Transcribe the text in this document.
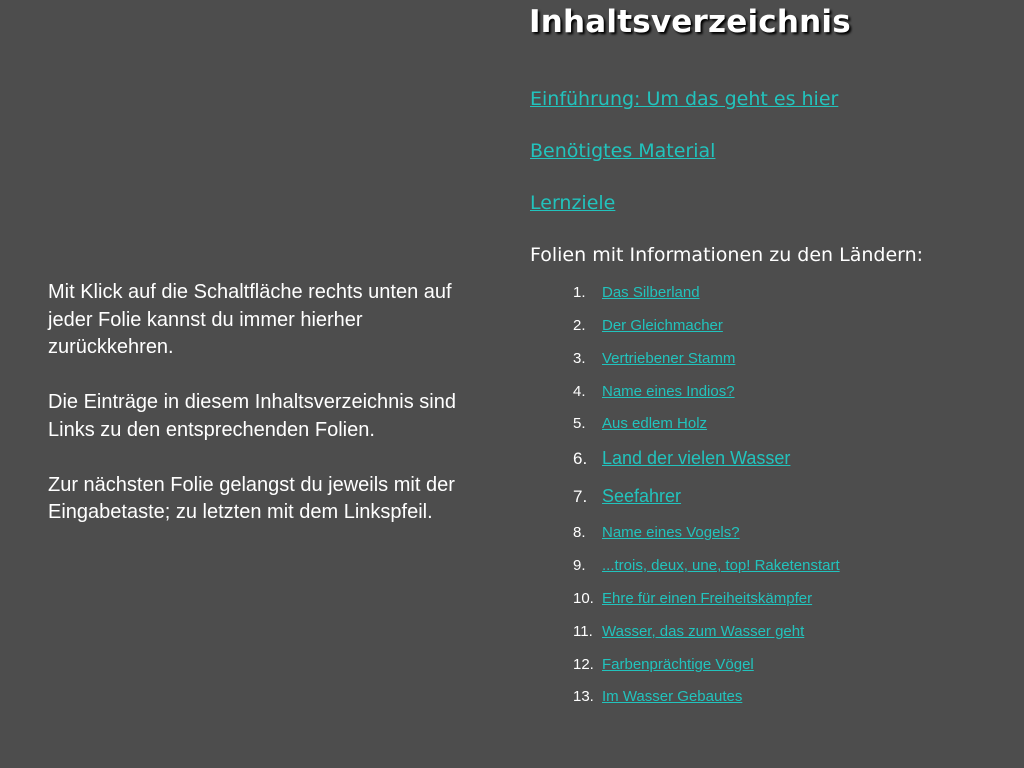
Inhaltsverzeichnis
Einführung: Um das geht es hier
Benötigtes Material
Lernziele
Folien mit Informationen zu den Ländern:
1. Das Silberland
2. Der Gleichmacher
3. Vertriebener Stamm
4. Name eines Indios?
5. Aus edlem Holz
6. Land der vielen Wasser
7. Seefahrer
8. Name eines Vogels?
9. ...trois, deux, une, top! Raketenstart
10. Ehre für einen Freiheitskämpfer
11. Wasser, das zum Wasser geht
12. Farbenprächtige Vögel
13. Im Wasser Gebautes

Mit Klick auf die Schaltfläche rechts unten auf jeder Folie kannst du immer hierher zurückkehren.

Die Einträge in diesem Inhaltsverzeichnis sind Links zu den entsprechenden Folien.

Zur nächsten Folie gelangst du jeweils mit der Eingabetaste; zu letzten mit dem Linkspfeil.
